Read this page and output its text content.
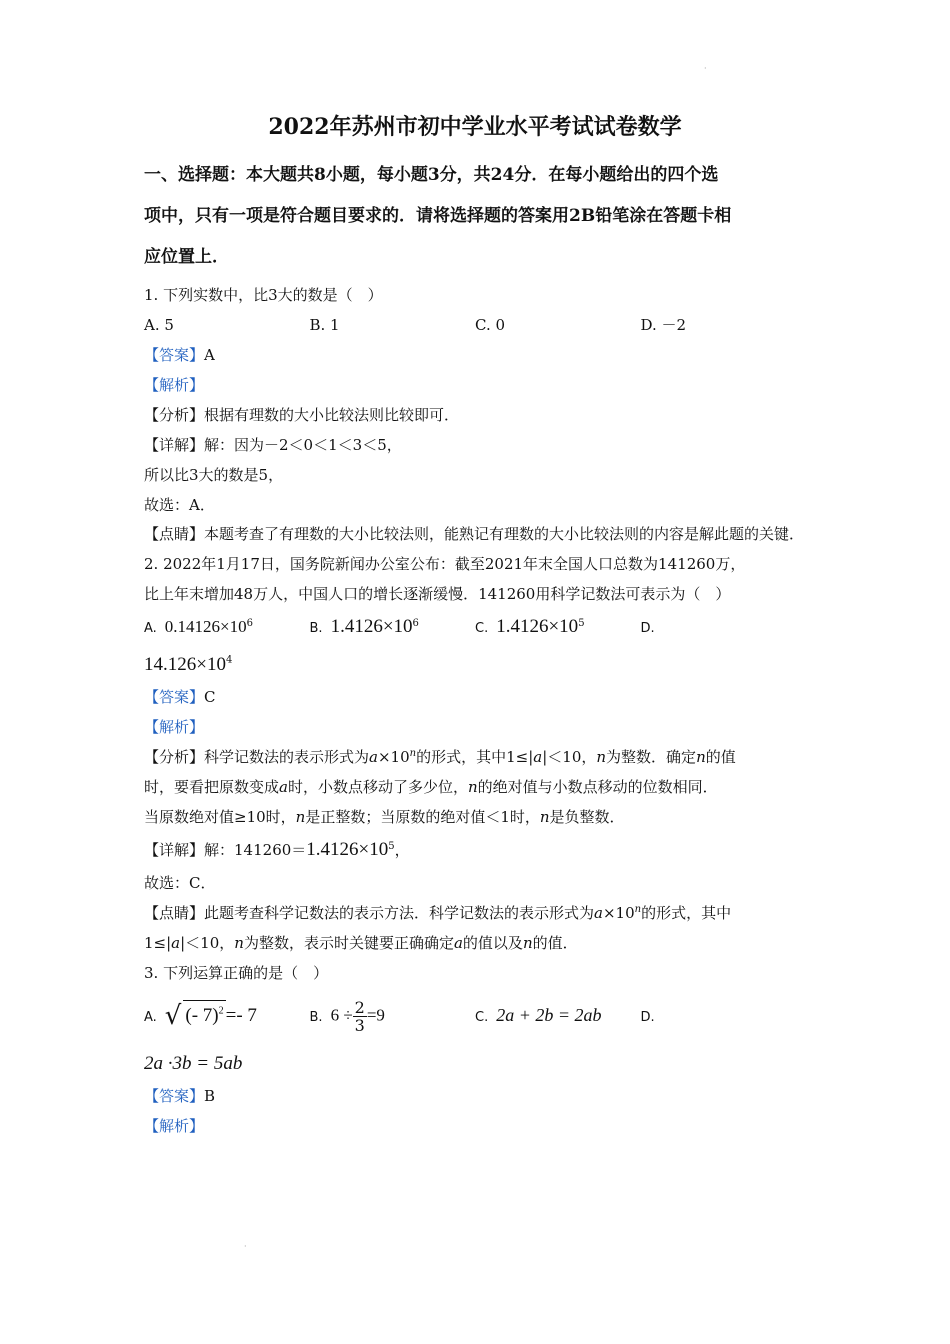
·
·
2022年苏州市初中学业水平考试试卷数学
一、选择题：本大题共8小题，每小题3分，共24分．在每小题给出的四个选
项中，只有一项是符合题目要求的．请将选择题的答案用2B铅笔涂在答题卡相
应位置上．

1. 下列实数中，比3大的数是（　）

A. 5	B. 1	C. 0	D. －2

【答案】A

【解析】

【分析】根据有理数的大小比较法则比较即可．

【详解】解：因为－2＜0＜1＜3＜5，

所以比3大的数是5，

故选：A．

【点睛】本题考查了有理数的大小比较法则，能熟记有理数的大小比较法则的内容是解此题的关键．

2. 2022年1月17日，国务院新闻办公室公布：截至2021年末全国人口总数为141260万，

比上年末增加48万人，中国人口的增长逐渐缓慢．141260用科学记数法可表示为（　）

A. $0.14126\times 10^6$	B. $1.4126\times 10^6$	C. $1.4126\times 10^5$	D.

$14.126\times 10^4$

【答案】C

【解析】

【分析】科学记数法的表示形式为$a\times 10^n$的形式，其中1≤|a|＜10，n为整数．确定n的值

时，要看把原数变成a时，小数点移动了多少位，n的绝对值与小数点移动的位数相同．

当原数绝对值≥10时，n是正整数；当原数的绝对值＜1时，n是负整数．

【详解】解：$141260=1.4126\times 10^5$，

故选：C．

【点睛】此题考查科学记数法的表示方法．科学记数法的表示形式为$a\times 10^n$的形式，其中

1≤|a|＜10，n为整数，表示时关键要正确确定a的值以及n的值．

3. 下列运算正确的是（　）

A. √ (- 7)$^2$ =- 7	B. $6 \div \frac{2}{3} =9$	C. 2a + 2b = 2ab	D.

2a ·3b = 5ab

【答案】B

【解析】
